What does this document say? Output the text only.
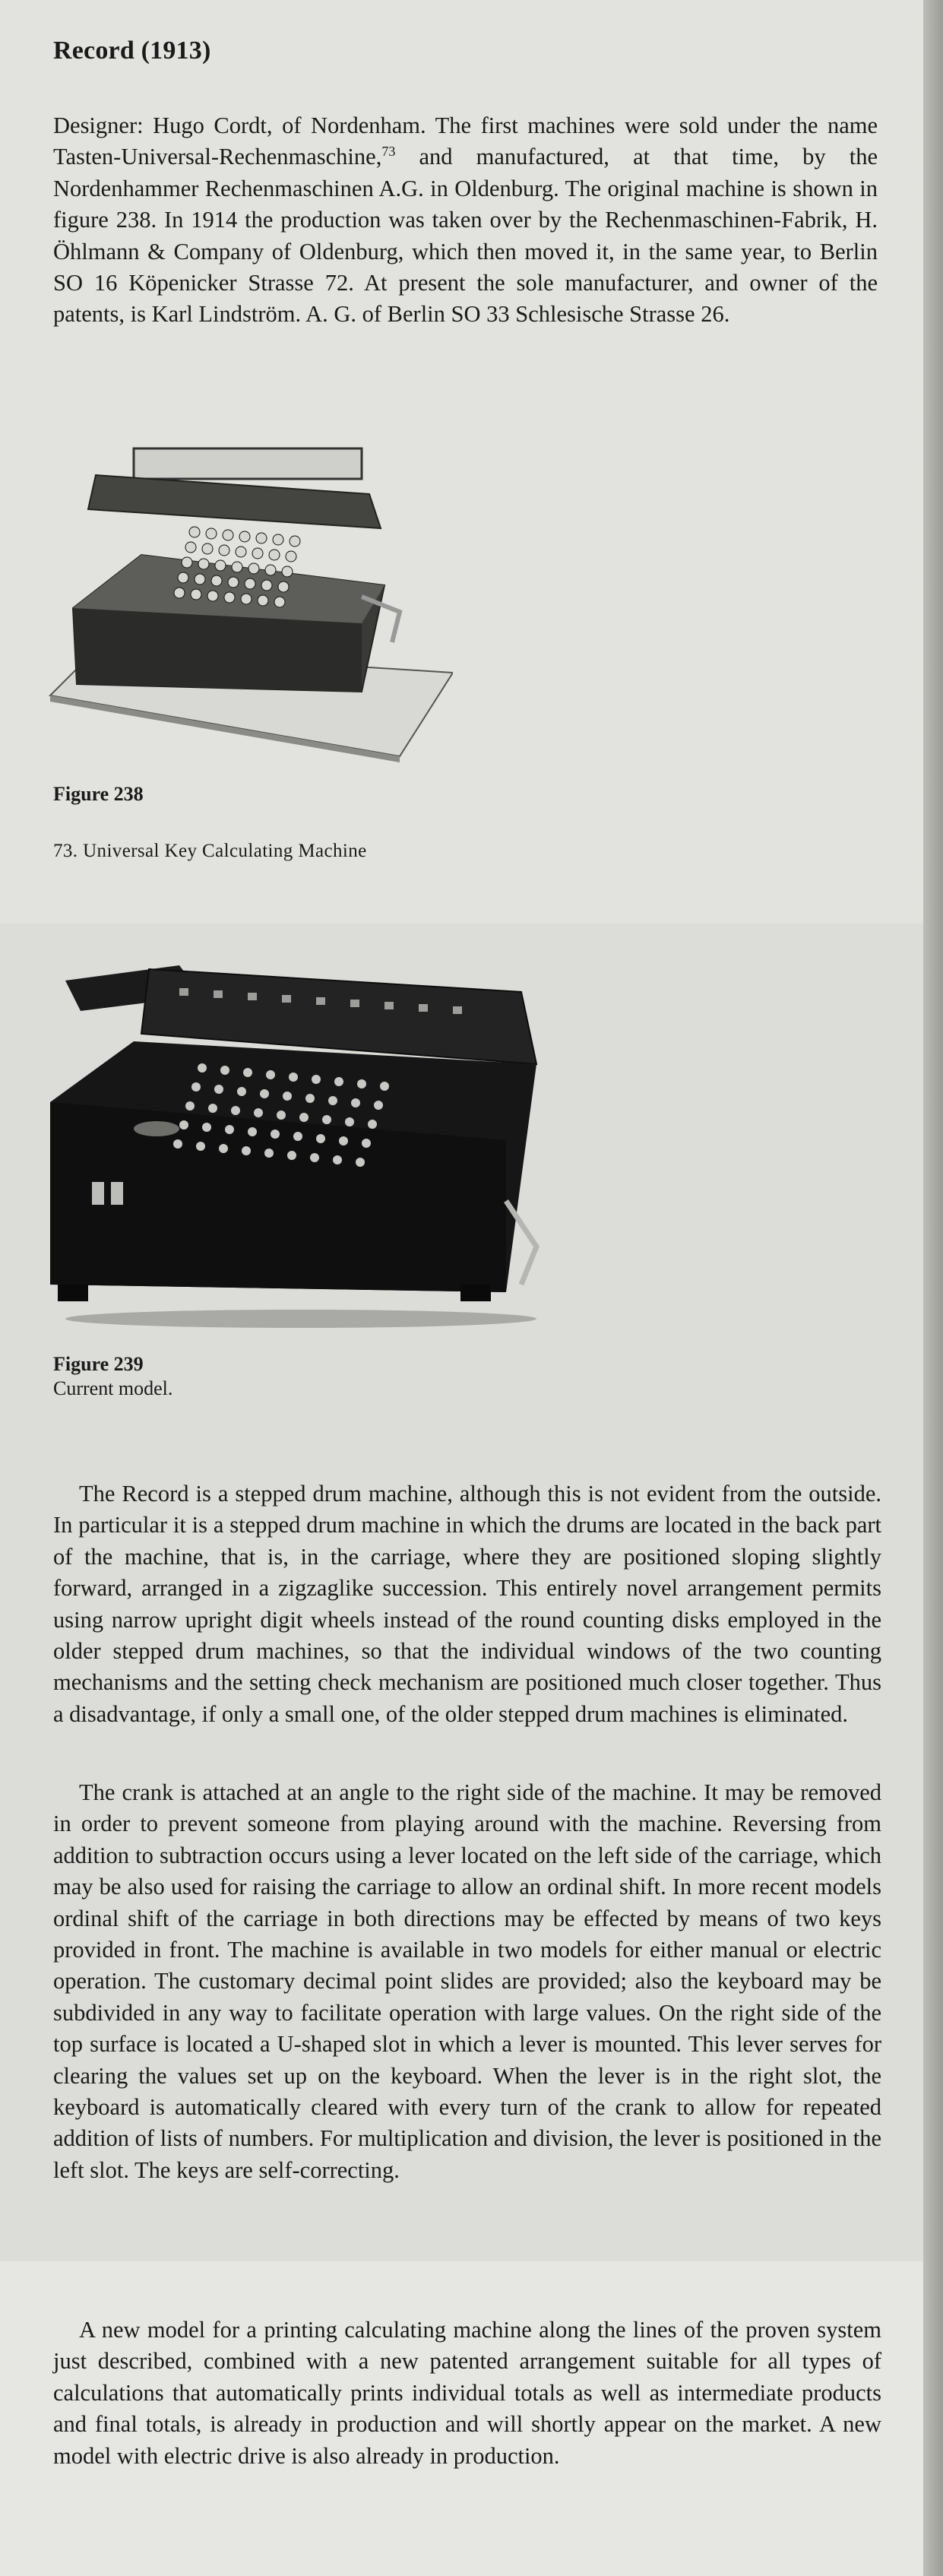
Record (1913)

Designer: Hugo Cordt, of Nordenham. The first machines were sold under the name Tasten-Universal-Rechenmaschine,$^{73}$ and manufactured, at that time, by the Nordenhammer Rechenmaschinen A.G. in Oldenburg. The original machine is shown in figure 238. In 1914 the production was taken over by the Rechenmaschinen-Fabrik, H. Öhlmann & Company of Oldenburg, which then moved it, in the same year, to Berlin SO 16 Köpenicker Strasse 72. At present the sole manufacturer, and owner of the patents, is Karl Lindström. A. G. of Berlin SO 33 Schlesische Strasse 26.

Figure 238
73. Universal Key Calculating Machine
Figure 239
Current model.

The Record is a stepped drum machine, although this is not evident from the outside. In particular it is a stepped drum machine in which the drums are located in the back part of the machine, that is, in the carriage, where they are positioned sloping slightly forward, arranged in a zigzaglike succession. This entirely novel arrangement permits using narrow upright digit wheels instead of the round counting disks employed in the older stepped drum machines, so that the individual windows of the two counting mechanisms and the setting check mechanism are positioned much closer together. Thus a disadvantage, if only a small one, of the older stepped drum machines is eliminated.

The crank is attached at an angle to the right side of the machine. It may be removed in order to prevent someone from playing around with the machine. Reversing from addition to subtraction occurs using a lever located on the left side of the carriage, which may be also used for raising the carriage to allow an ordinal shift. In more recent models ordinal shift of the carriage in both directions may be effected by means of two keys provided in front. The machine is available in two models for either manual or electric operation. The customary decimal point slides are provided; also the keyboard may be subdivided in any way to facilitate operation with large values. On the right side of the top surface is located a U-shaped slot in which a lever is mounted. This lever serves for clearing the values set up on the keyboard. When the lever is in the right slot, the keyboard is automatically cleared with every turn of the crank to allow for repeated addition of lists of numbers. For multiplication and division, the lever is positioned in the left slot. The keys are self-correcting.

A new model for a printing calculating machine along the lines of the proven system just described, combined with a new patented arrangement suitable for all types of calculations that automatically prints individual totals as well as intermediate products and final totals, is already in production and will shortly appear on the market. A new model with electric drive is also already in production.
